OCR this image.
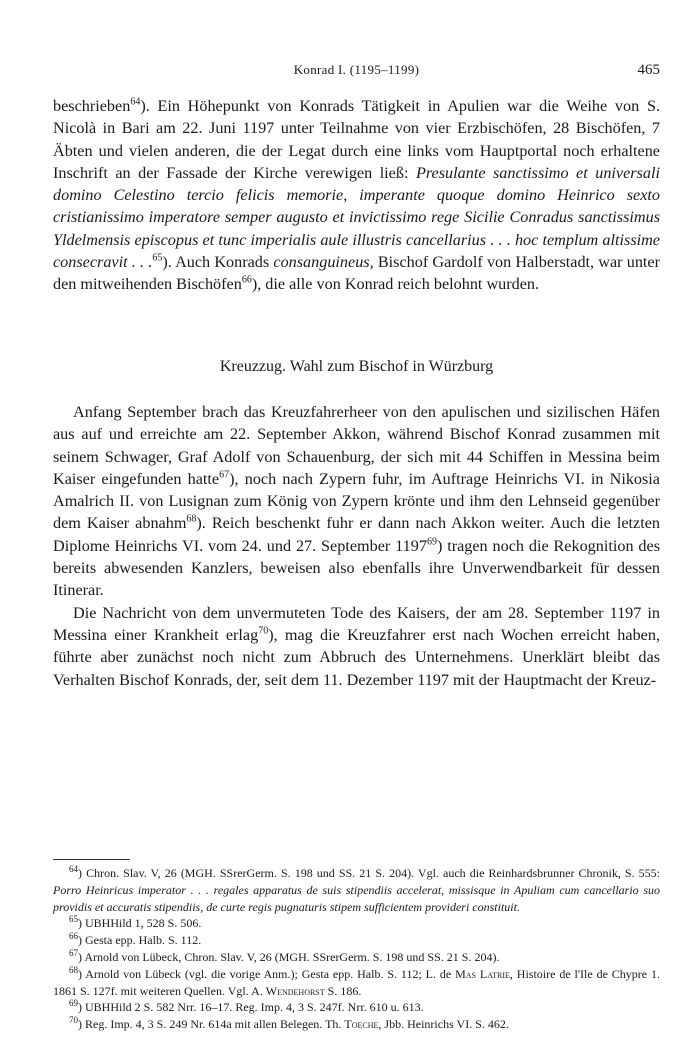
Konrad I. (1195–1199)	465

beschrieben$^{64}$). Ein Höhepunkt von Konrads Tätigkeit in Apulien war die Weihe von S. Nicolà in Bari am 22. Juni 1197 unter Teilnahme von vier Erzbischöfen, 28 Bischöfen, 7 Äbten und vielen anderen, die der Legat durch eine links vom Hauptportal noch erhaltene Inschrift an der Fassade der Kirche verewigen ließ: Presulante sanctissimo et universali domino Celestino tercio felicis memorie, imperante quoque domino Heinrico sexto cristianissimo imperatore semper augusto et invictissimo rege Sicilie Conradus sanctissimus Yldelmensis episcopus et tunc imperialis aule illustris cancellarius . . . hoc templum altissime consecravit . . .$^{65}$). Auch Konrads consanguineus, Bischof Gardolf von Halberstadt, war unter den mitweihenden Bischöfen$^{66}$), die alle von Konrad reich belohnt wurden.

Kreuzzug. Wahl zum Bischof in Würzburg

Anfang September brach das Kreuzfahrerheer von den apulischen und sizilischen Häfen aus auf und erreichte am 22. September Akkon, während Bischof Konrad zusammen mit seinem Schwager, Graf Adolf von Schauenburg, der sich mit 44 Schiffen in Messina beim Kaiser eingefunden hatte$^{67}$), noch nach Zypern fuhr, im Auftrage Heinrichs VI. in Nikosia Amalrich II. von Lusignan zum König von Zypern krönte und ihm den Lehnseid gegenüber dem Kaiser abnahm$^{68}$). Reich beschenkt fuhr er dann nach Akkon weiter. Auch die letzten Diplome Heinrichs VI. vom 24. und 27. September 1197$^{69}$) tragen noch die Rekognition des bereits abwesenden Kanzlers, beweisen also ebenfalls ihre Unverwendbarkeit für dessen Itinerar.

Die Nachricht von dem unvermuteten Tode des Kaisers, der am 28. September 1197 in Messina einer Krankheit erlag$^{70}$), mag die Kreuzfahrer erst nach Wochen erreicht haben, führte aber zunächst noch nicht zum Abbruch des Unternehmens. Unerklärt bleibt das Verhalten Bischof Konrads, der, seit dem 11. Dezember 1197 mit der Hauptmacht der Kreuz-

$^{64}$) Chron. Slav. V, 26 (MGH. SSrerGerm. S. 198 und SS. 21 S. 204). Vgl. auch die Reinhardsbrunner Chronik, S. 555: Porro Heinricus imperator . . . regales apparatus de suis stipendiis accelerat, missisque in Apuliam cum cancellario suo providis et accuratis stipendiis, de curte regis pugnaturis stipem sufficientem provideri constituit.

$^{65}$) UBHHild 1, 528 S. 506.

$^{66}$) Gesta epp. Halb. S. 112.

$^{67}$) Arnold von Lübeck, Chron. Slav. V, 26 (MGH. SSrerGerm. S. 198 und SS. 21 S. 204).

$^{68}$) Arnold von Lübeck (vgl. die vorige Anm.); Gesta epp. Halb. S. 112; L. de Mas Latrie, Histoire de l'Ile de Chypre 1. 1861 S. 127f. mit weiteren Quellen. Vgl. A. Wendehorst S. 186.

$^{69}$) UBHHild 2 S. 582 Nrr. 16–17. Reg. Imp. 4, 3 S. 247f. Nrr. 610 u. 613.

$^{70}$) Reg. Imp. 4, 3 S. 249 Nr. 614a mit allen Belegen. Th. Toeche, Jbb. Heinrichs VI. S. 462.
